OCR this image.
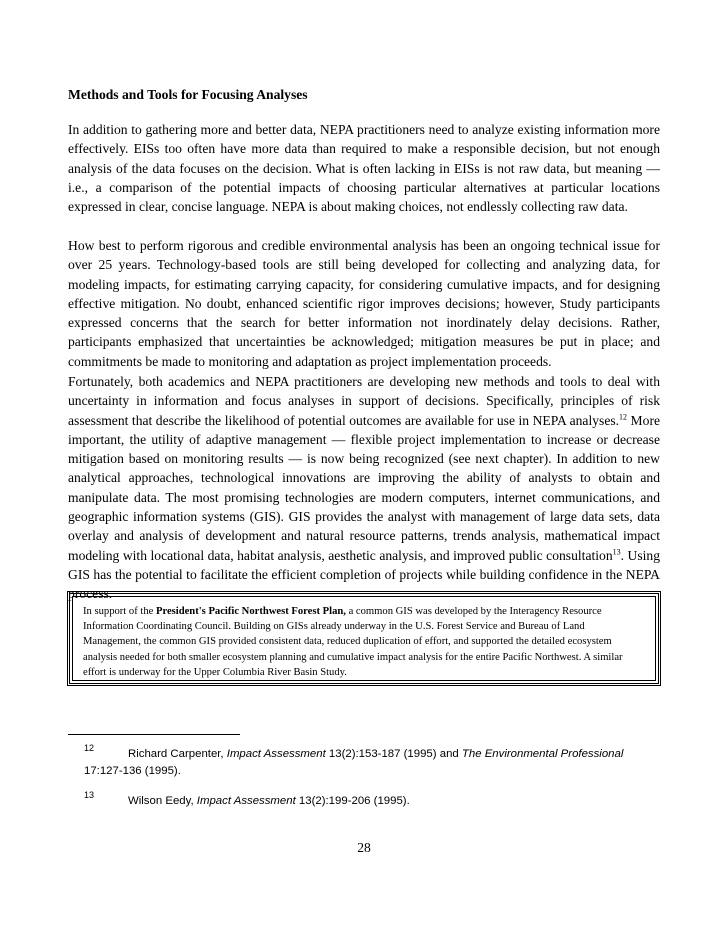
Methods and Tools for Focusing Analyses

In addition to gathering more and better data, NEPA practitioners need to analyze existing information more effectively. EISs too often have more data than required to make a responsible decision, but not enough analysis of the data focuses on the decision. What is often lacking in EISs is not raw data, but meaning — i.e., a comparison of the potential impacts of choosing particular alternatives at particular locations expressed in clear, concise language. NEPA is about making choices, not endlessly collecting raw data.

How best to perform rigorous and credible environmental analysis has been an ongoing technical issue for over 25 years. Technology-based tools are still being developed for collecting and analyzing data, for modeling impacts, for estimating carrying capacity, for considering cumulative impacts, and for designing effective mitigation. No doubt, enhanced scientific rigor improves decisions; however, Study participants expressed concerns that the search for better information not inordinately delay decisions. Rather, participants emphasized that uncertainties be acknowledged; mitigation measures be put in place; and commitments be made to monitoring and adaptation as project implementation proceeds.

Fortunately, both academics and NEPA practitioners are developing new methods and tools to deal with uncertainty in information and focus analyses in support of decisions. Specifically, principles of risk assessment that describe the likelihood of potential outcomes are available for use in NEPA analyses.$^{12}$ More important, the utility of adaptive management — flexible project implementation to increase or decrease mitigation based on monitoring results — is now being recognized (see next chapter). In addition to new analytical approaches, technological innovations are improving the ability of analysts to obtain and manipulate data. The most promising technologies are modern computers, internet communications, and geographic information systems (GIS). GIS provides the analyst with management of large data sets, data overlay and analysis of development and natural resource patterns, trends analysis, mathematical impact modeling with locational data, habitat analysis, aesthetic analysis, and improved public consultation$^{13}$. Using GIS has the potential to facilitate the efficient completion of projects while building confidence in the NEPA process.

In support of the President's Pacific Northwest Forest Plan, a common GIS was developed by the Interagency Resource Information Coordinating Council. Building on GISs already underway in the U.S. Forest Service and Bureau of Land Management, the common GIS provided consistent data, reduced duplication of effort, and supported the detailed ecosystem analysis needed for both smaller ecosystem planning and cumulative impact analysis for the entire Pacific Northwest. A similar effort is underway for the Upper Columbia River Basin Study.
12	Richard Carpenter, Impact Assessment 13(2):153-187 (1995) and The Environmental Professional 17:127-136 (1995).
13	Wilson Eedy, Impact Assessment 13(2):199-206 (1995).
28
